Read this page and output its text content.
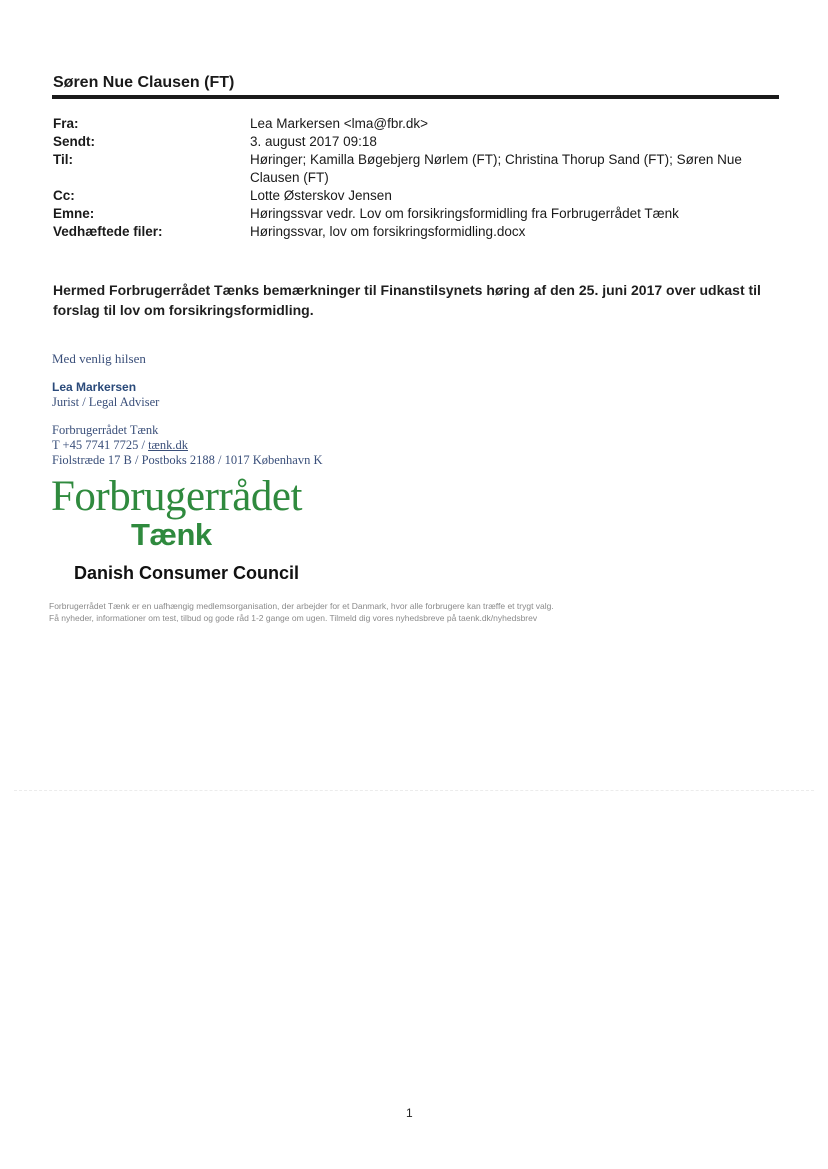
Søren Nue Clausen (FT)
Fra:	Lea Markersen <lma@fbr.dk>
Sendt:	3. august 2017 09:18
Til:	Høringer; Kamilla Bøgebjerg Nørlem (FT); Christina Thorup Sand (FT); Søren Nue Clausen (FT)
Cc:	Lotte Østerskov Jensen
Emne:	Høringssvar vedr. Lov om forsikringsformidling fra Forbrugerrådet Tænk
Vedhæftede filer:	Høringssvar, lov om forsikringsformidling.docx
Hermed Forbrugerrådet Tænks bemærkninger til Finanstilsynets høring af den 25. juni 2017 over udkast til forslag til lov om forsikringsformidling.
Med venlig hilsen
Lea Markersen
Jurist / Legal Adviser
Forbrugerrådet Tænk
T +45 7741 7725 / tænk.dk
Fiolstræde 17 B / Postboks 2188 / 1017 København K
Forbrugerrådet
Tænk
Danish Consumer Council
Forbrugerrådet Tænk er en uafhængig medlemsorganisation, der arbejder for et Danmark, hvor alle forbrugere kan træffe et trygt valg.
Få nyheder, informationer om test, tilbud og gode råd 1-2 gange om ugen. Tilmeld dig vores nyhedsbreve på taenk.dk/nyhedsbrev
1
